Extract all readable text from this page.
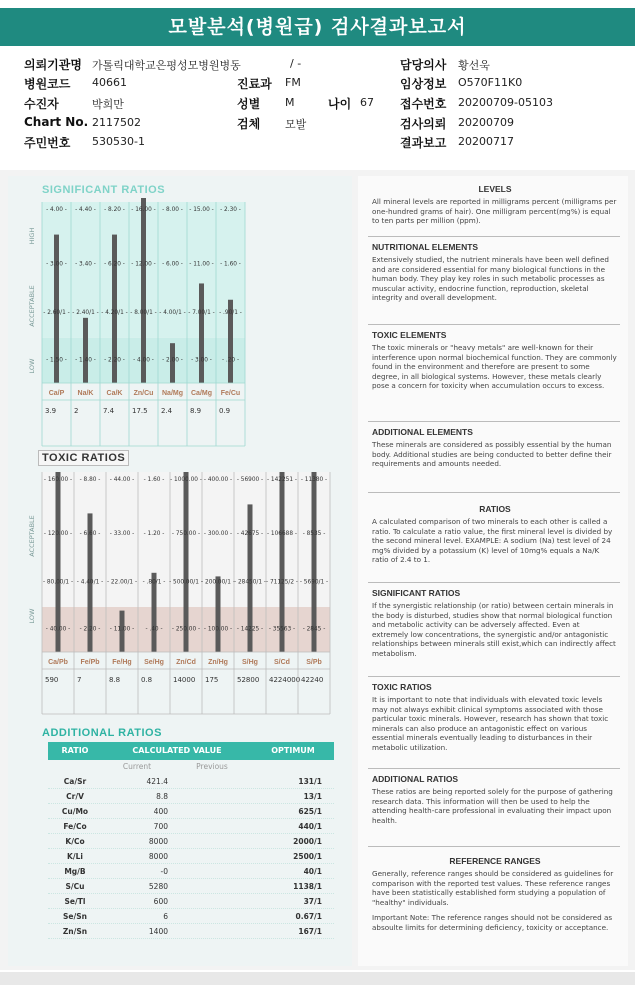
모발분석(병원급) 검사결과보고서
의뢰기관명 가톨릭대학교은평성모병원병동	/ -	담당의사 황선욱
병원코드 40661	진료과 FM	임상정보 O570F11K0
수진자	박희만	성별 M	나이 67 접수번호 20200709-05103
Chart No. 2117502	검체 모발	검사의뢰 20200709
주민번호 530530-1	결과보고 20200717
SIGNIFICANT RATIOS
HIGH
ACCEPTABLE
LOW
- 4.00 -
- 3.00 -
- 2.60/1 -
- 1.50 -
Ca/P
3.9
- 4.40 -
- 3.40 -
- 2.40/1 -
- 1.40 -
Na/K
2
- 8.20 -
- 6.20 -
- 4.20/1 -
- 2.20 -
Ca/K
7.4
- 16.00 -
- 12.00 -
- 8.00/1 -
- 4.00 -
Zn/Cu
17.5
- 8.00 -
- 6.00 -
- 4.00/1 -
- 2.00 -
Na/Mg
2.4
- 15.00 -
- 11.00 -
- 7.00/1 -
- 3.00 -
Ca/Mg
8.9
- 2.30 -
- 1.60 -
- .90/1 -
- .20 -
Fe/Cu
0.9
TOXIC RATIOS
ACCEPTABLE
LOW
- 160.00 -
- 120.00 -
- 80.00/1 -
- 40.00 -
Ca/Pb
590
- 8.80 -
- 6.60 -
- 4.40/1 -
- 2.20 -
Fe/Pb
7
- 44.00 -
- 33.00 -
- 22.00/1 -
- 11.00 -
Fe/Hg
8.8
- 1.60 -
- 1.20 -
- .80/1 -
- .40 -
Se/Hg
0.8
- 1000.00 -
- 750.00 -
- 500.00/1 -
- 250.00 -
Zn/Cd
14000
- 400.00 -
- 300.00 -
- 200.00/1 -
- 100.00 -
Zn/Hg
175
- 56900 -
- 42675 -
- 28450/1 -
- 14225 -
S/Hg
52800
- 142251 -
- 106688 -
- 71125/2 -
- 35563 -
S/Cd
4224000
- 11380 -
- 8535 -
- 5690/1 -
- 2845 -
S/Pb
42240
ADDITIONAL RATIOS
RATIO	CALCULATED VALUE	OPTIMUM
Current	Previous
Ca/Sr	421.4	131/1
Cr/V	8.8	13/1
Cu/Mo	400	625/1
Fe/Co	700	440/1
K/Co	8000	2000/1
K/Li	8000	2500/1
Mg/B	-0	40/1
S/Cu	5280	1138/1
Se/Tl	600	37/1
Se/Sn	6	0.67/1
Zn/Sn	1400	167/1
LEVELS

All mineral levels are reported in milligrams percent (milligrams per one-hundred grams of hair). One milligram percent(mg%) is equal to ten parts per million (ppm).

NUTRITIONAL ELEMENTS

Extensively studied, the nutrient minerals have been well defined and are considered essential for many biological functions in the human body. They play key roles in such metabolic processes as muscular activity, endocrine function, reproduction, skeletal integrity and overall development.

TOXIC ELEMENTS

The toxic minerals or "heavy metals" are well-known for their interference upon normal biochemical function. They are commonly found in the environment and therefore are present to some degree, in all biological systems. However, these metals clearly pose a concern for toxicity when accumulation occurs to excess.

ADDITIONAL ELEMENTS

These minerals are considered as possibly essential by the human body. Additional studies are being conducted to better define their requirements and amounts needed.

RATIOS

A calculated comparison of two minerals to each other is called a ratio. To calculate a ratio value, the first mineral level is divided by the second mineral level. EXAMPLE: A sodium (Na) test level of 24 mg% divided by a potassium (K) level of 10mg% equals a Na/K ratio of 2.4 to 1.

SIGNIFICANT RATIOS

If the synergistic relationship (or ratio) between certain minerals in the body is disturbed, studies show that normal biological function and metabolic activity can be adversely affected. Even at extremely low concentrations, the synergistic and/or antagonistic relationships between minerals still exist,which can indirectly affect metabolism.

TOXIC RATIOS

It is important to note that individuals with elevated toxic levels may not always exhibit clinical symptoms associated with those particular toxic minerals. However, research has shown that toxic minerals can also produce an antagonistic effect on various essential minerals eventually leading to disturbances in their metabolic utilization.

ADDITIONAL RATIOS

These ratios are being reported solely for the purpose of gathering research data. This information will then be used to help the attending health-care professional in evaluating their impact upon health.

REFERENCE RANGES

Generally, reference ranges should be considered as guidelines for comparison with the reported test values. These reference ranges have been statistically established form studying a population of "healthy" individuals.

Important Note: The reference ranges should not be considered as absoulte limits for determining deficiency, toxicity or acceptance.
